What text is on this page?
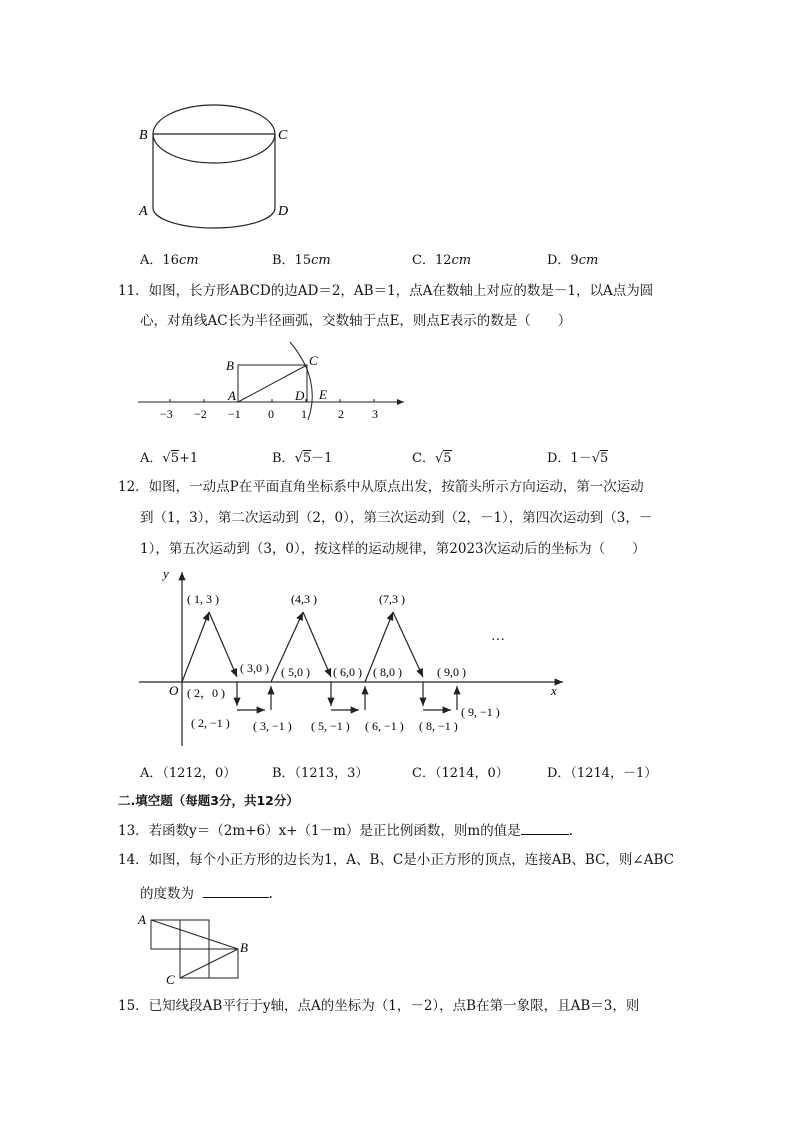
B	C
A	D
A．16cm	B．15cm	C．12cm	D．9cm
11．如图，长方形ABCD的边AD＝2，AB＝1，点A在数轴上对应的数是－1，以A点为圆
心，对角线AC长为半径画弧，交数轴于点E，则点E表示的数是（　　）
B	C
A	D E
−3 −2 −1 0 1	2 3
A．√5+1	B．√5－1	C．√5	D．1－√5
12．如图，一动点P在平面直角坐标系中从原点出发，按箭头所示方向运动，第一次运动
到（1，3），第二次运动到（2，0），第三次运动到（2，－1），第四次运动到（3，－
1），第五次运动到（3，0），按这样的运动规律，第2023次运动后的坐标为（　　）
x
y
O
( 1, 3 )	(4,3 )	(7,3 )
( 3,0 ) ( 5,0 ) ( 6,0 ) ( 8,0 )	( 9,0 )
( 2，0 )
( 2, −1 ) ( 3, −1 ) ( 5, −1 ) ( 6, −1 ) ( 8, −1 )
( 9, −1 )
…
A．（1212，0）	B．（1213，3）	C．（1214，0）	D．（1214，－1）
二.填空题（每题3分，共12分）
13．若函数y＝（2m+6）x+（1－m）是正比例函数，则m的值是	.
14．如图，每个小正方形的边长为1，A、B、C是小正方形的顶点，连接AB、BC，则∠ABC
的度数为	.
A
B
C
15．已知线段AB平行于y轴，点A的坐标为（1，－2），点B在第一象限，且AB＝3，则
